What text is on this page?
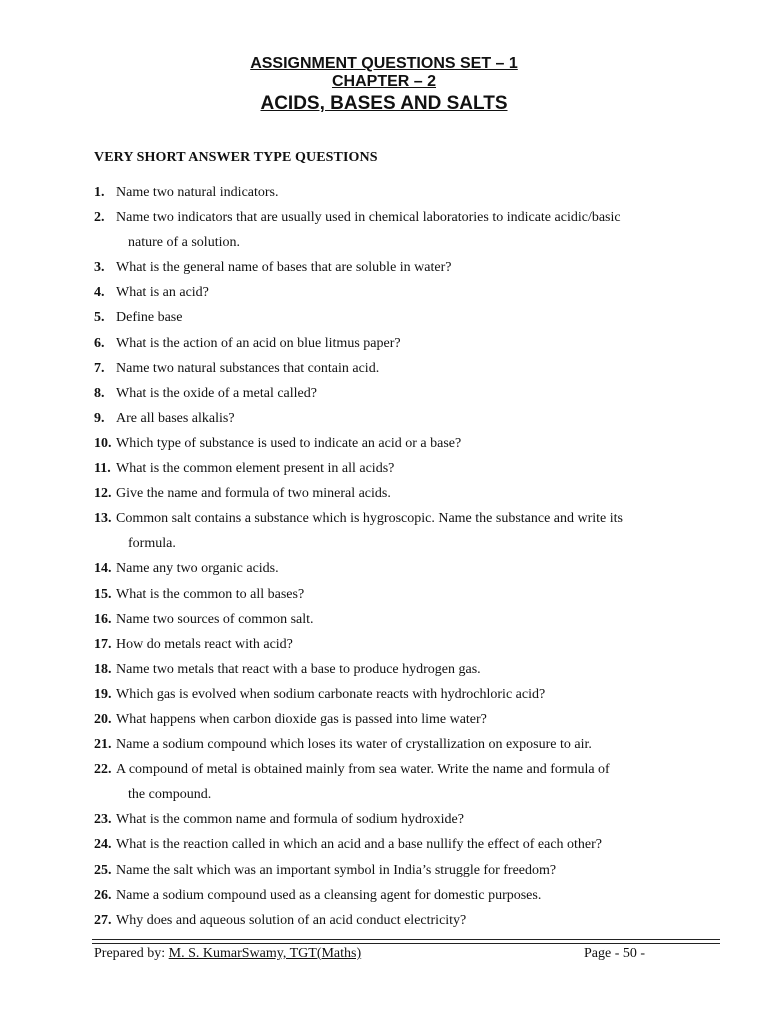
ASSIGNMENT QUESTIONS SET – 1
CHAPTER – 2
ACIDS, BASES AND SALTS
VERY SHORT ANSWER TYPE QUESTIONS
1. Name two natural indicators.
2. Name two indicators that are usually used in chemical laboratories to indicate acidic/basic
nature of a solution.
3. What is the general name of bases that are soluble in water?
4. What is an acid?
5. Define base
6. What is the action of an acid on blue litmus paper?
7. Name two natural substances that contain acid.
8. What is the oxide of a metal called?
9. Are all bases alkalis?
10. Which type of substance is used to indicate an acid or a base?
11. What is the common element present in all acids?
12. Give the name and formula of two mineral acids.
13. Common salt contains a substance which is hygroscopic. Name the substance and write its
formula.
14. Name any two organic acids.
15. What is the common to all bases?
16. Name two sources of common salt.
17. How do metals react with acid?
18. Name two metals that react with a base to produce hydrogen gas.
19. Which gas is evolved when sodium carbonate reacts with hydrochloric acid?
20. What happens when carbon dioxide gas is passed into lime water?
21. Name a sodium compound which loses its water of crystallization on exposure to air.
22. A compound of metal is obtained mainly from sea water. Write the name and formula of
the compound.
23. What is the common name and formula of sodium hydroxide?
24. What is the reaction called in which an acid and a base nullify the effect of each other?
25. Name the salt which was an important symbol in India’s struggle for freedom?
26. Name a sodium compound used as a cleansing agent for domestic purposes.
27. Why does and aqueous solution of an acid conduct electricity?
Prepared by: M. S. KumarSwamy, TGT(Maths)	Page - 50 -
